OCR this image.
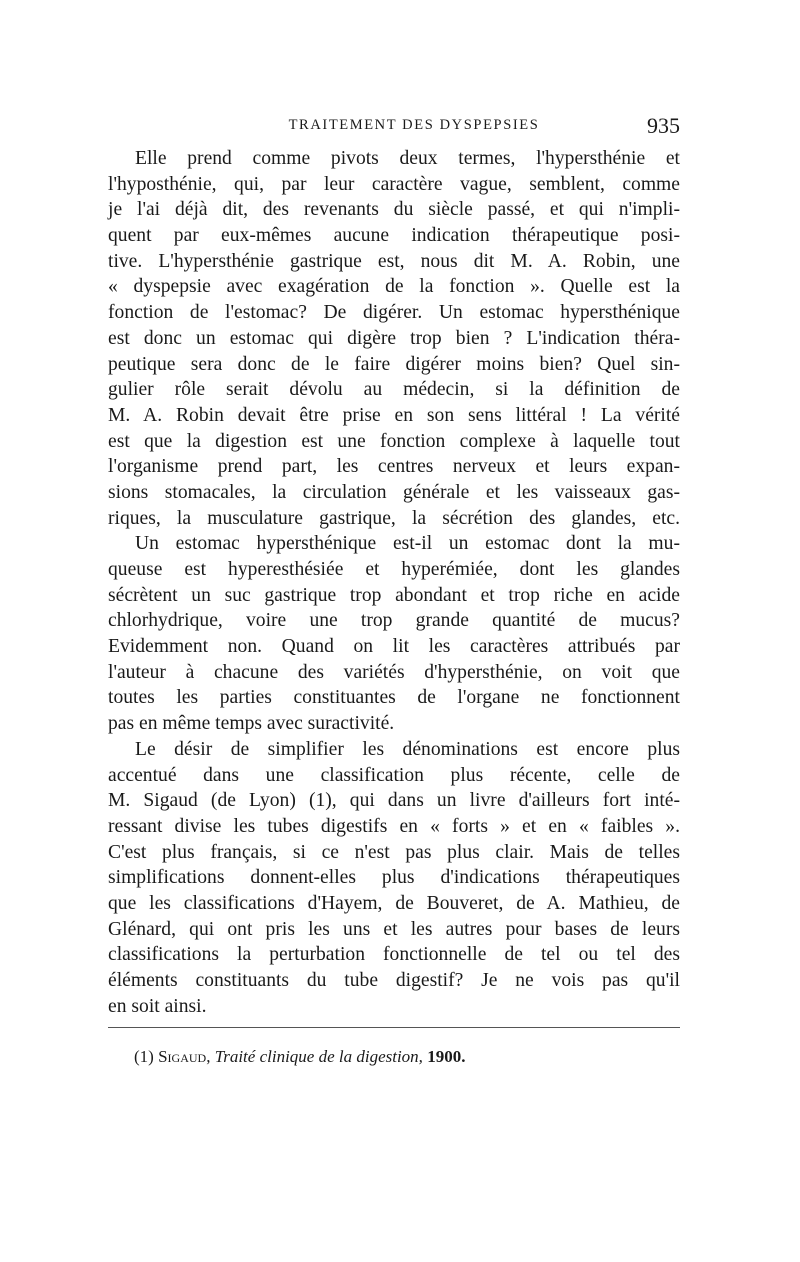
TRAITEMENT DES DYSPEPSIES	935
Elle prend comme pivots deux termes, l'hypersthénie et
l'hyposthénie, qui, par leur caractère vague, semblent, comme
je l'ai déjà dit, des revenants du siècle passé, et qui n'impli-
quent par eux-mêmes aucune indication thérapeutique posi-
tive. L'hypersthénie gastrique est, nous dit M. A. Robin, une
« dyspepsie avec exagération de la fonction ». Quelle est la
fonction de l'estomac? De digérer. Un estomac hypersthénique
est donc un estomac qui digère trop bien ? L'indication théra-
peutique sera donc de le faire digérer moins bien? Quel sin-
gulier rôle serait dévolu au médecin, si la définition de
M. A. Robin devait être prise en son sens littéral ! La vérité
est que la digestion est une fonction complexe à laquelle tout
l'organisme prend part, les centres nerveux et leurs expan-
sions stomacales, la circulation générale et les vaisseaux gas-
riques, la musculature gastrique, la sécrétion des glandes, etc.
Un estomac hypersthénique est-il un estomac dont la mu-
queuse est hyperesthésiée et hyperémiée, dont les glandes
sécrètent un suc gastrique trop abondant et trop riche en acide
chlorhydrique, voire une trop grande quantité de mucus?
Evidemment non. Quand on lit les caractères attribués par
l'auteur à chacune des variétés d'hypersthénie, on voit que
toutes les parties constituantes de l'organe ne fonctionnent
pas en même temps avec suractivité.
Le désir de simplifier les dénominations est encore plus
accentué dans une classification plus récente, celle de
M. Sigaud (de Lyon) (1), qui dans un livre d'ailleurs fort inté-
ressant divise les tubes digestifs en « forts » et en « faibles ».
C'est plus français, si ce n'est pas plus clair. Mais de telles
simplifications donnent-elles plus d'indications thérapeutiques
que les classifications d'Hayem, de Bouveret, de A. Mathieu, de
Glénard, qui ont pris les uns et les autres pour bases de leurs
classifications la perturbation fonctionnelle de tel ou tel des
éléments constituants du tube digestif? Je ne vois pas qu'il
en soit ainsi.
(1) Sigaud, Traité clinique de la digestion, 1900.
